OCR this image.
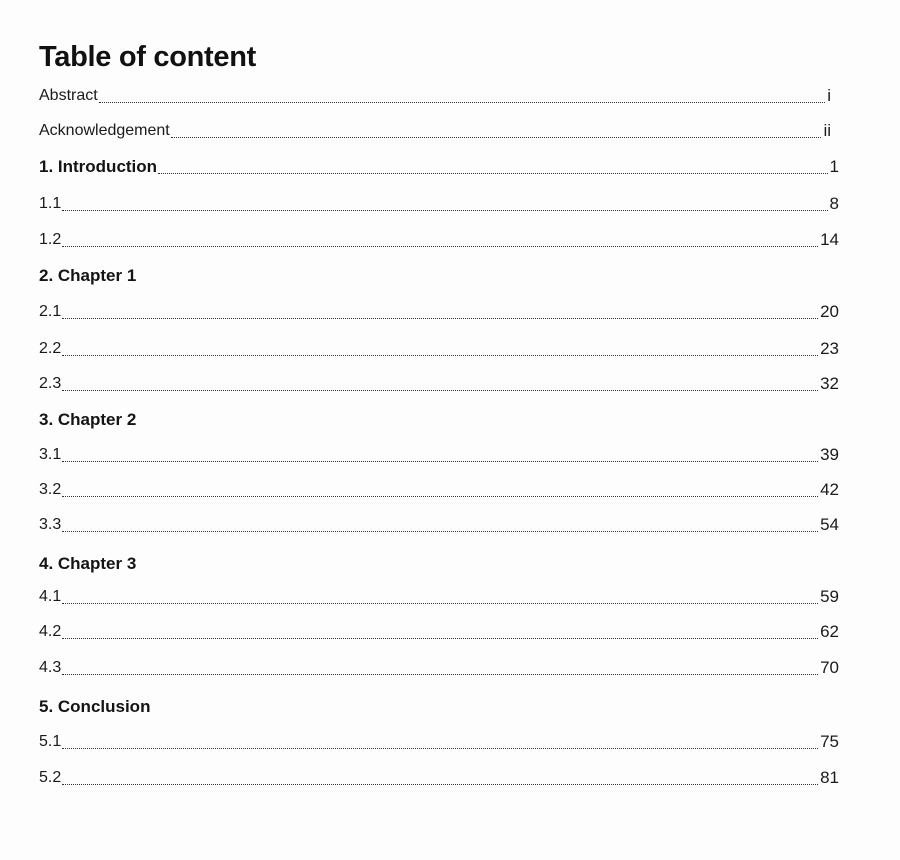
Table of content
Abstract	i
Acknowledgement	ii
1. Introduction	1
1.1	8
1.2	14
2. Chapter 1
2.1	20
2.2	23
2.3	32
3. Chapter 2
3.1	39
3.2	42
3.3	54
4. Chapter 3
4.1	59
4.2	62
4.3	70
5. Conclusion
5.1	75
5.2	81
